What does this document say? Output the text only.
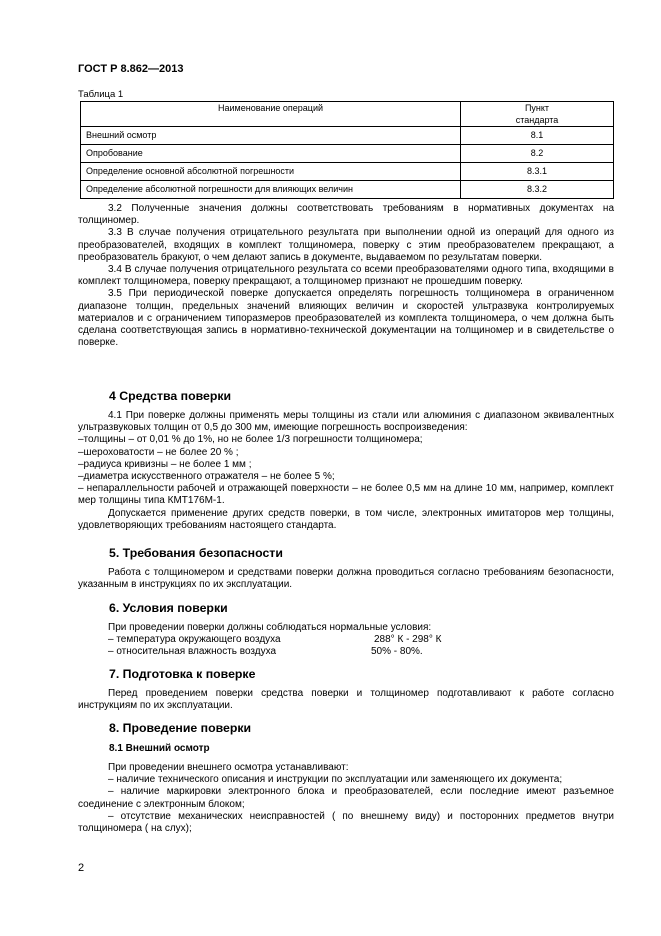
ГОСТ Р 8.862—2013
Таблица 1
Наименование операций	Пункт
стандарта
Внешний осмотр	8.1
Опробование	8.2
Определение основной абсолютной погрешности	8.3.1
Определение абсолютной погрешности для влияющих величин	8.3.2

3.2 Полученные значения должны соответствовать требованиям в нормативных документах на толщиномер.

3.3 В случае получения отрицательного результата при выполнении одной из операций для одного из преобразователей, входящих в комплект толщиномера, поверку с этим преобразователем прекращают, а преобразователь бракуют, о чем делают запись в документе, выдаваемом по результатам поверки.

3.4 В случае получения отрицательного результата со всеми преобразователями одного типа, входящими в комплект толщиномера, поверку прекращают, а толщиномер признают не прошедшим поверку.

3.5 При периодической поверке допускается определять погрешность толщиномера в ограниченном диапазоне толщин, предельных значений влияющих величин и скоростей ультразвука контролируемых материалов и с ограничением типоразмеров преобразователей из комплекта толщиномера, о чем должна быть сделана соответствующая запись в нормативно-технической документации на толщиномер и в свидетельстве о поверке.

4 Средства поверки

4.1 При поверке должны применять меры толщины из стали или алюминия с диапазоном эквивалентных ультразвуковых толщин от 0,5 до 300 мм, имеющие погрешность воспроизведения:

–толщины – от 0,01 % до 1%, но не более 1/3 погрешности толщиномера;

–шероховатости – не более 20 % ;

–радиуса кривизны – не более 1 мм ;

–диаметра искусственного отражателя – не более 5 %;

– непараллельности рабочей и отражающей поверхности – не более 0,5 мм на длине 10 мм, например, комплект мер толщины типа КМТ176М-1.

Допускается применение других средств поверки, в том числе, электронных имитаторов мер толщины, удовлетворяющих требованиям настоящего стандарта.

5. Требования безопасности

Работа с толщиномером и средствами поверки должна проводиться согласно требованиям безопасности, указанным в инструкциях по их эксплуатации.

6. Условия поверки

При проведении поверки должны соблюдаться нормальные условия:

– температура окружающего воздуха	288° К - 298° К
– относительная влажность воздуха	50% - 80%.
7. Подготовка к поверке

Перед проведением поверки средства поверки и толщиномер подготавливают к работе согласно инструкциям по их эксплуатации.

8. Проведение поверки
8.1 Внешний осмотр

При проведении внешнего осмотра устанавливают:

– наличие технического описания и инструкции по эксплуатации или заменяющего их документа;

– наличие маркировки электронного блока и преобразователей, если последние имеют разъемное соединение с электронным блоком;

– отсутствие механических неисправностей ( по внешнему виду) и посторонних предметов внутри толщиномера ( на слух);

2
